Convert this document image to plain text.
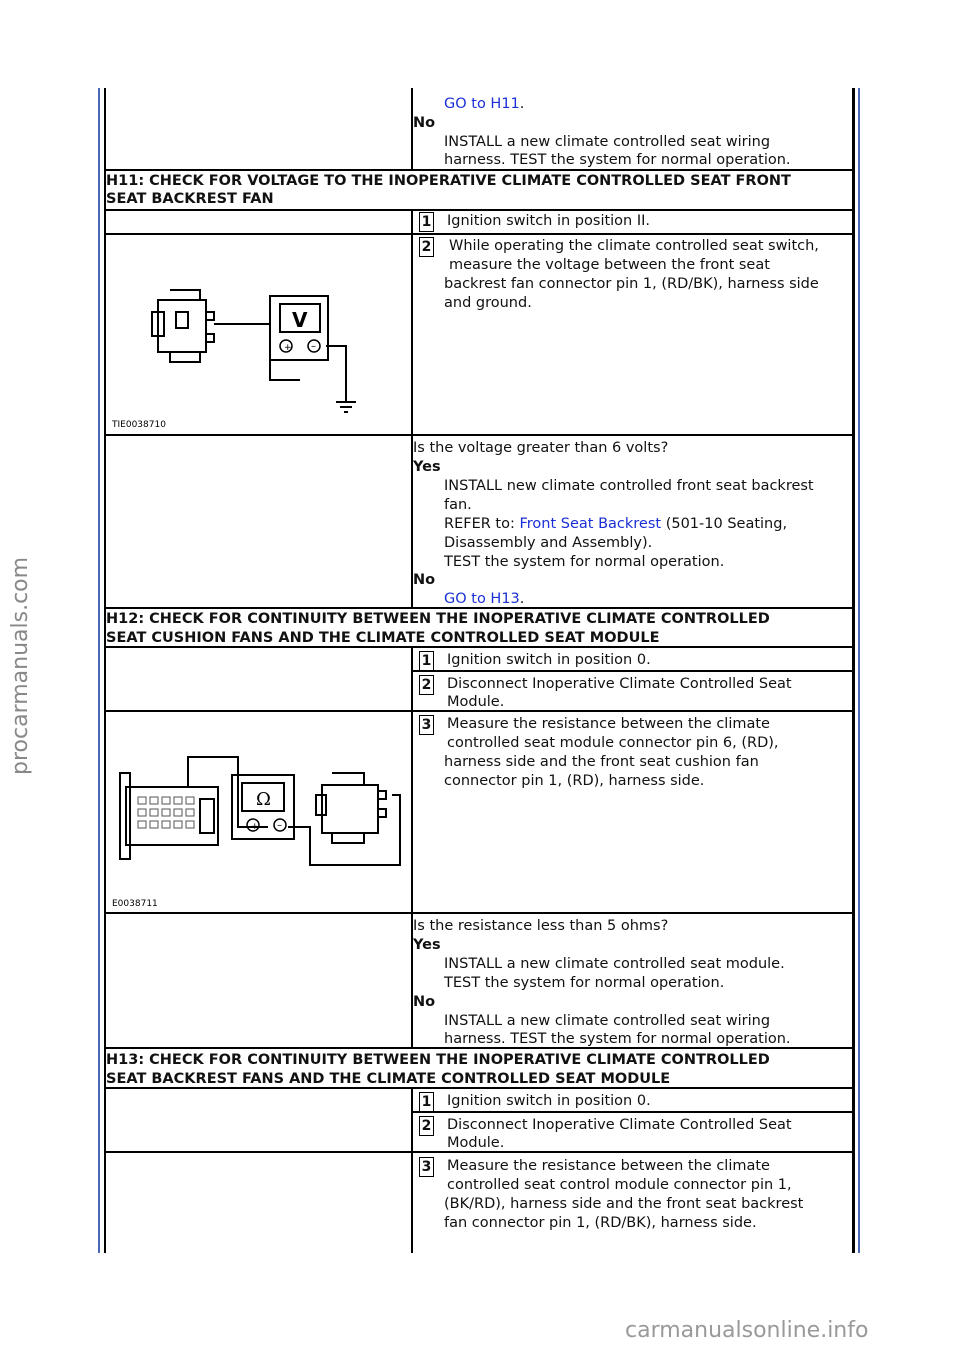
procarmanuals.com
carmanualsonline.info
GO to H11.
No
INSTALL a new climate controlled seat wiring
harness. TEST the system for normal operation.
H11: CHECK FOR VOLTAGE TO THE INOPERATIVE CLIMATE CONTROLLED SEAT FRONT
SEAT BACKREST FAN
1 Ignition switch in position II.
2 While operating the climate controlled seat switch,
measure the voltage between the front seat
backrest fan connector pin 1, (RD/BK), harness side
and ground.
+ –
V
TIE0038710
Is the voltage greater than 6 volts?
Yes
INSTALL new climate controlled front seat backrest
fan.
REFER to: Front Seat Backrest (501-10 Seating,
Disassembly and Assembly).
TEST the system for normal operation.
No
GO to H13.
H12: CHECK FOR CONTINUITY BETWEEN THE INOPERATIVE CLIMATE CONTROLLED
SEAT CUSHION FANS AND THE CLIMATE CONTROLLED SEAT MODULE
1 Ignition switch in position 0.
2 Disconnect Inoperative Climate Controlled Seat
Module.
3 Measure the resistance between the climate
controlled seat module connector pin 6, (RD),
harness side and the front seat cushion fan
connector pin 1, (RD), harness side.
+ –
Ω
E0038711
Is the resistance less than 5 ohms?
Yes
INSTALL a new climate controlled seat module.
TEST the system for normal operation.
No
INSTALL a new climate controlled seat wiring
harness. TEST the system for normal operation.
H13: CHECK FOR CONTINUITY BETWEEN THE INOPERATIVE CLIMATE CONTROLLED
SEAT BACKREST FANS AND THE CLIMATE CONTROLLED SEAT MODULE
1 Ignition switch in position 0.
2 Disconnect Inoperative Climate Controlled Seat
Module.
3 Measure the resistance between the climate
controlled seat control module connector pin 1,
(BK/RD), harness side and the front seat backrest
fan connector pin 1, (RD/BK), harness side.
